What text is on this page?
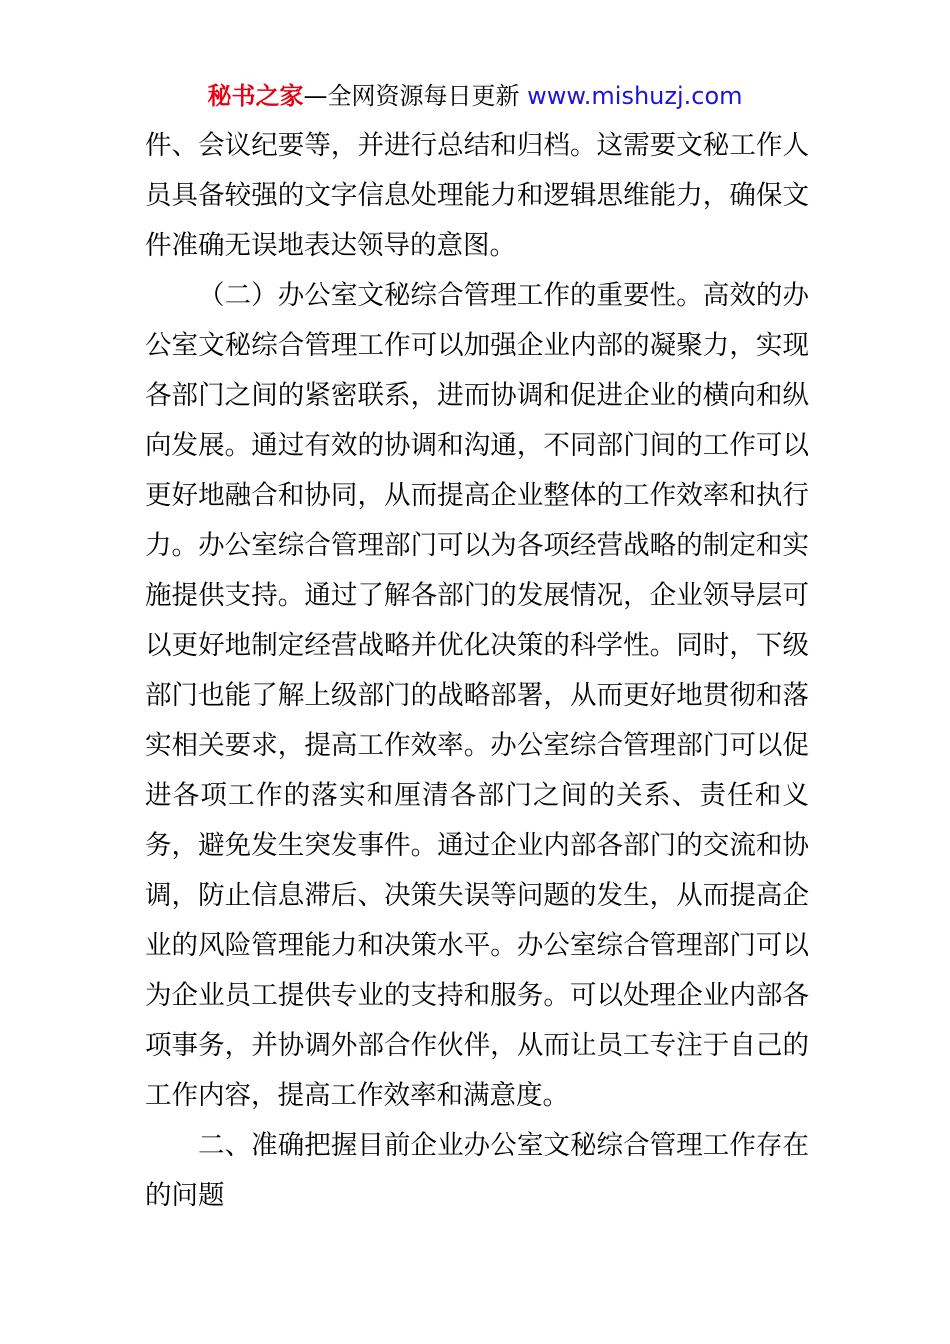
秘书之家—全网资源每日更新 www.mishuzj.com

件、会议纪要等，并进行总结和归档。这需要文秘工作人员具备较强的文字信息处理能力和逻辑思维能力，确保文件准确无误地表达领导的意图。

（二）办公室文秘综合管理工作的重要性。高效的办公室文秘综合管理工作可以加强企业内部的凝聚力，实现各部门之间的紧密联系，进而协调和促进企业的横向和纵向发展。通过有效的协调和沟通，不同部门间的工作可以更好地融合和协同，从而提高企业整体的工作效率和执行力。办公室综合管理部门可以为各项经营战略的制定和实施提供支持。通过了解各部门的发展情况，企业领导层可以更好地制定经营战略并优化决策的科学性。同时，下级部门也能了解上级部门的战略部署，从而更好地贯彻和落实相关要求，提高工作效率。办公室综合管理部门可以促进各项工作的落实和厘清各部门之间的关系、责任和义务，避免发生突发事件。通过企业内部各部门的交流和协调，防止信息滞后、决策失误等问题的发生，从而提高企业的风险管理能力和决策水平。办公室综合管理部门可以为企业员工提供专业的支持和服务。可以处理企业内部各项事务，并协调外部合作伙伴，从而让员工专注于自己的工作内容，提高工作效率和满意度。

二、准确把握目前企业办公室文秘综合管理工作存在的问题
